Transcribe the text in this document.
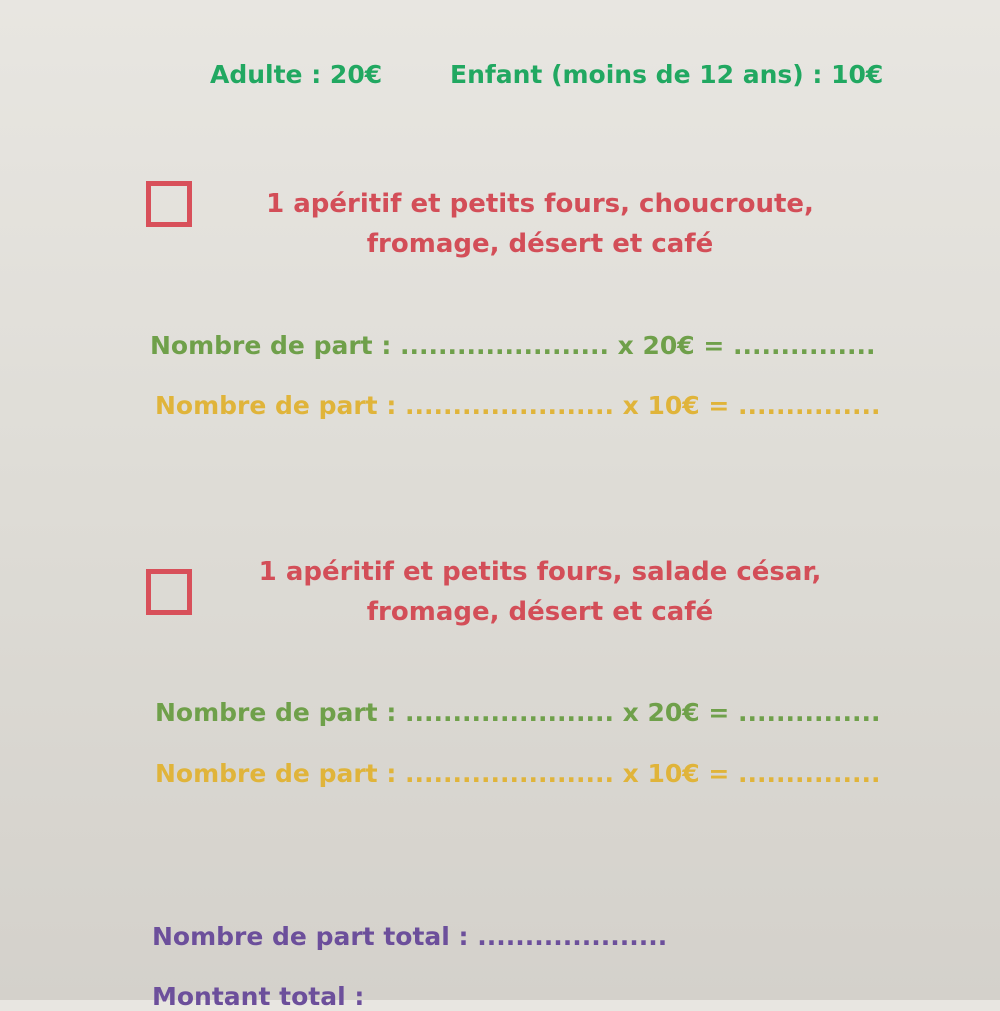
Adulte : 20€	Enfant (moins de 12 ans) : 10€
1 apéritif et petits fours, choucroute,
fromage, désert et café
Nombre de part : ...................... x 20€ = ...............
Nombre de part : ...................... x 10€ = ...............
1 apéritif et petits fours, salade césar,
fromage, désert et café
Nombre de part : ...................... x 20€ = ...............
Nombre de part : ...................... x 10€ = ...............
Nombre de part total : ....................
Montant total :
